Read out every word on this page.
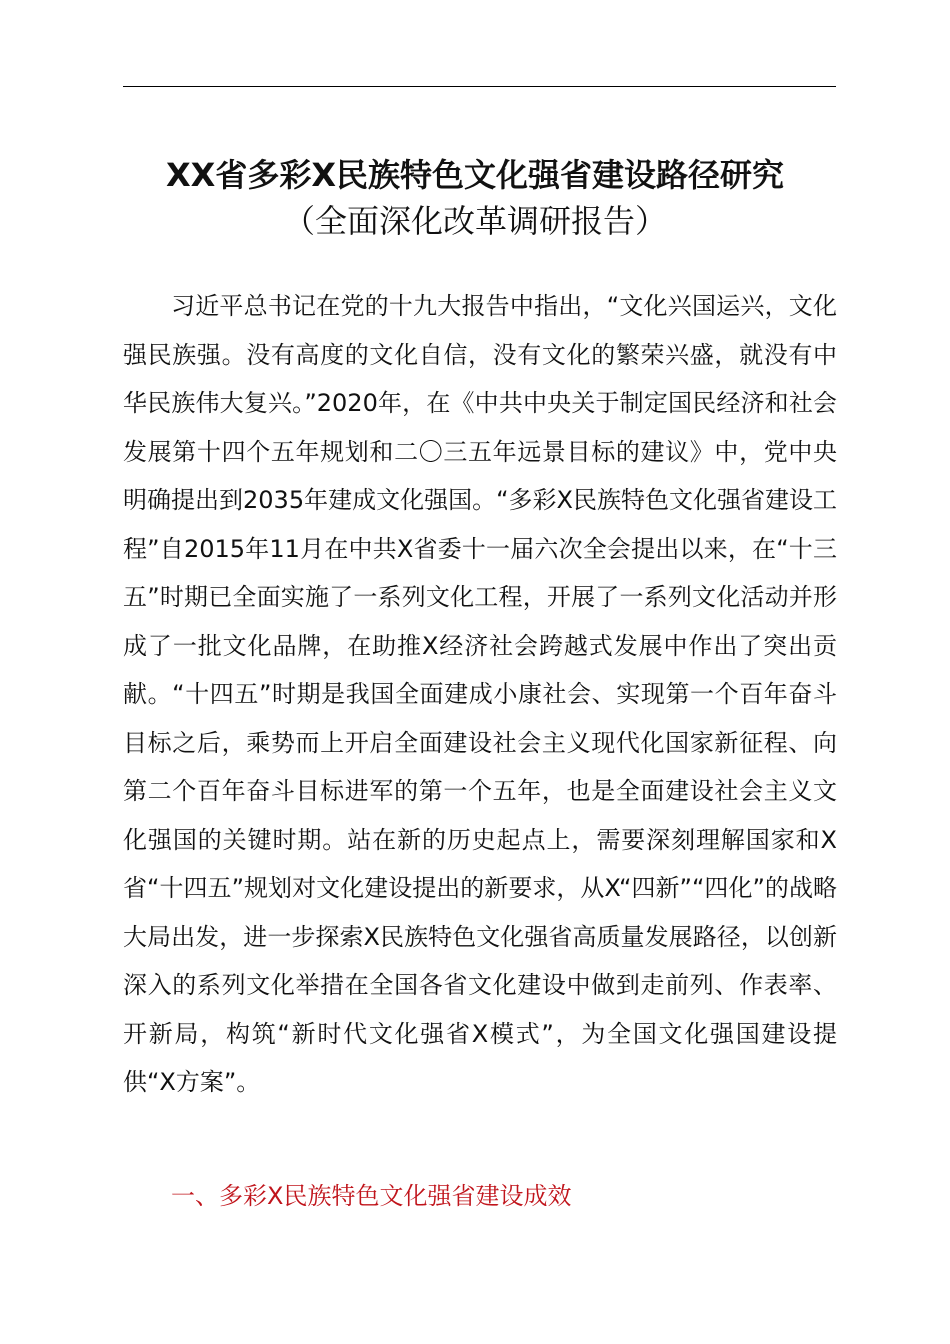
XX省多彩X民族特色文化强省建设路径研究
（全面深化改革调研报告）

习近平总书记在党的十九大报告中指出，“文化兴国运兴，文化强民族强。没有高度的文化自信，没有文化的繁荣兴盛，就没有中华民族伟大复兴。”2020年，在《中共中央关于制定国民经济和社会发展第十四个五年规划和二〇三五年远景目标的建议》中，党中央明确提出到2035年建成文化强国。“多彩X民族特色文化强省建设工程”自2015年11月在中共X省委十一届六次全会提出以来，在“十三五”时期已全面实施了一系列文化工程，开展了一系列文化活动并形成了一批文化品牌，在助推X经济社会跨越式发展中作出了突出贡献。“十四五”时期是我国全面建成小康社会、实现第一个百年奋斗目标之后，乘势而上开启全面建设社会主义现代化国家新征程、向第二个百年奋斗目标进军的第一个五年，也是全面建设社会主义文化强国的关键时期。站在新的历史起点上，需要深刻理解国家和X省“十四五”规划对文化建设提出的新要求，从X“四新”“四化”的战略大局出发，进一步探索X民族特色文化强省高质量发展路径，以创新深入的系列文化举措在全国各省文化建设中做到走前列、作表率、开新局，构筑“新时代文化强省X模式”，为全国文化强国建设提供“X方案”。

一、多彩X民族特色文化强省建设成效
